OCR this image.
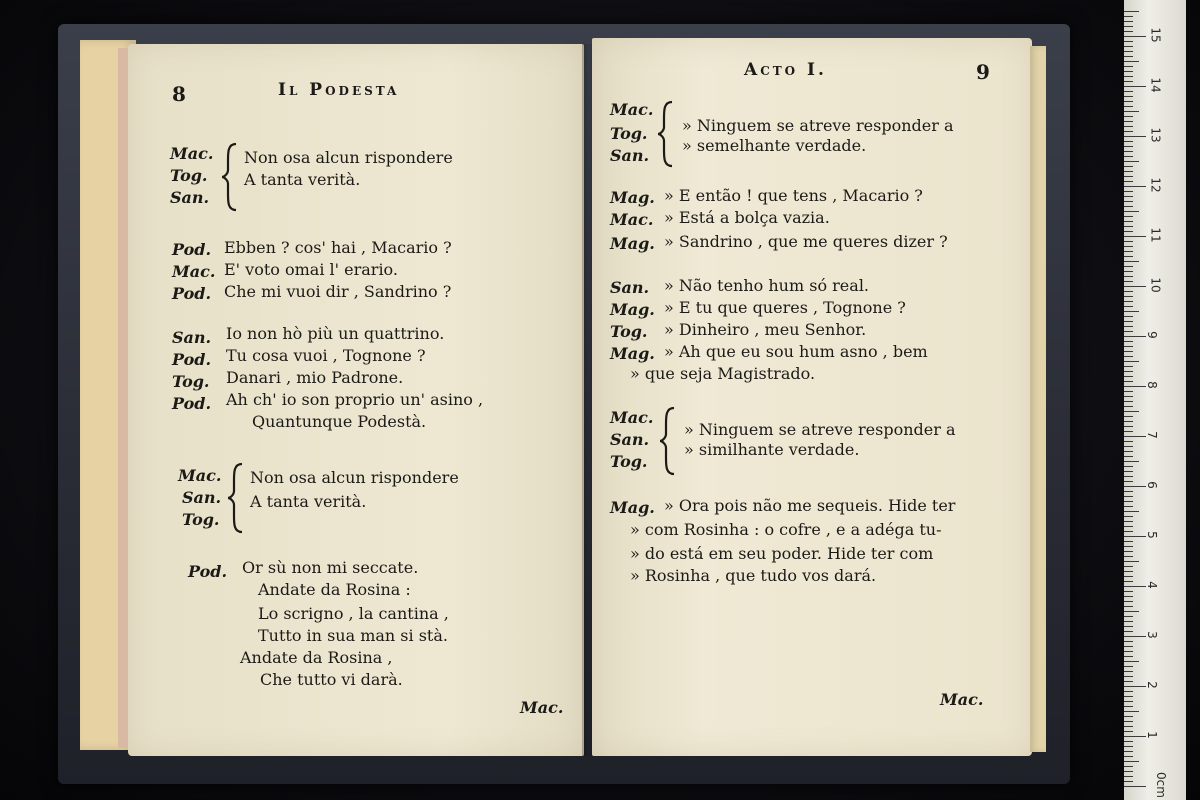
8	Il Podesta
Mac.
Tog.
San.
Non osa alcun rispondere
A tanta verità.
Pod. Ebben ? cos' hai , Macario ?
Mac. E' voto omai l' erario.
Pod. Che mi vuoi dir , Sandrino ?
San. Io non hò più un quattrino.
Pod. Tu cosa vuoi , Tognone ?
Tog. Danari , mio Padrone.
Pod. Ah ch' io son proprio un' asino ,
Quantunque Podestà.
Mac.
San.
Tog.
Non osa alcun rispondere
A tanta verità.
Pod. Or sù non mi seccate.
Andate da Rosina :
Lo scrigno , la cantina ,
Tutto in sua man si stà.
Andate da Rosina ,
Che tutto vi darà.
Mac.
Acto I.	9
Mac.
Tog.
San.
» Ninguem se atreve responder a
» semelhante verdade.
Mag. » E então ! que tens , Macario ?
Mac. » Está a bolça vazia.
Mag. » Sandrino , que me queres dizer ?
San. » Não tenho hum só real.
Mag. » E tu que queres , Tognone ?
Tog. » Dinheiro , meu Senhor.
Mag. » Ah que eu sou hum asno , bem
» que seja Magistrado.
Mac.
San.
Tog.
» Ninguem se atreve responder a
» similhante verdade.
Mag. » Ora pois não me sequeis. Hide ter
» com Rosinha : o cofre , e a adéga tu-
» do está em seu poder. Hide ter com
» Rosinha , que tudo vos dará.
Mac.
0cm
1
2
3
4
5
6
7
8
9
10
11
12
13
14
15
